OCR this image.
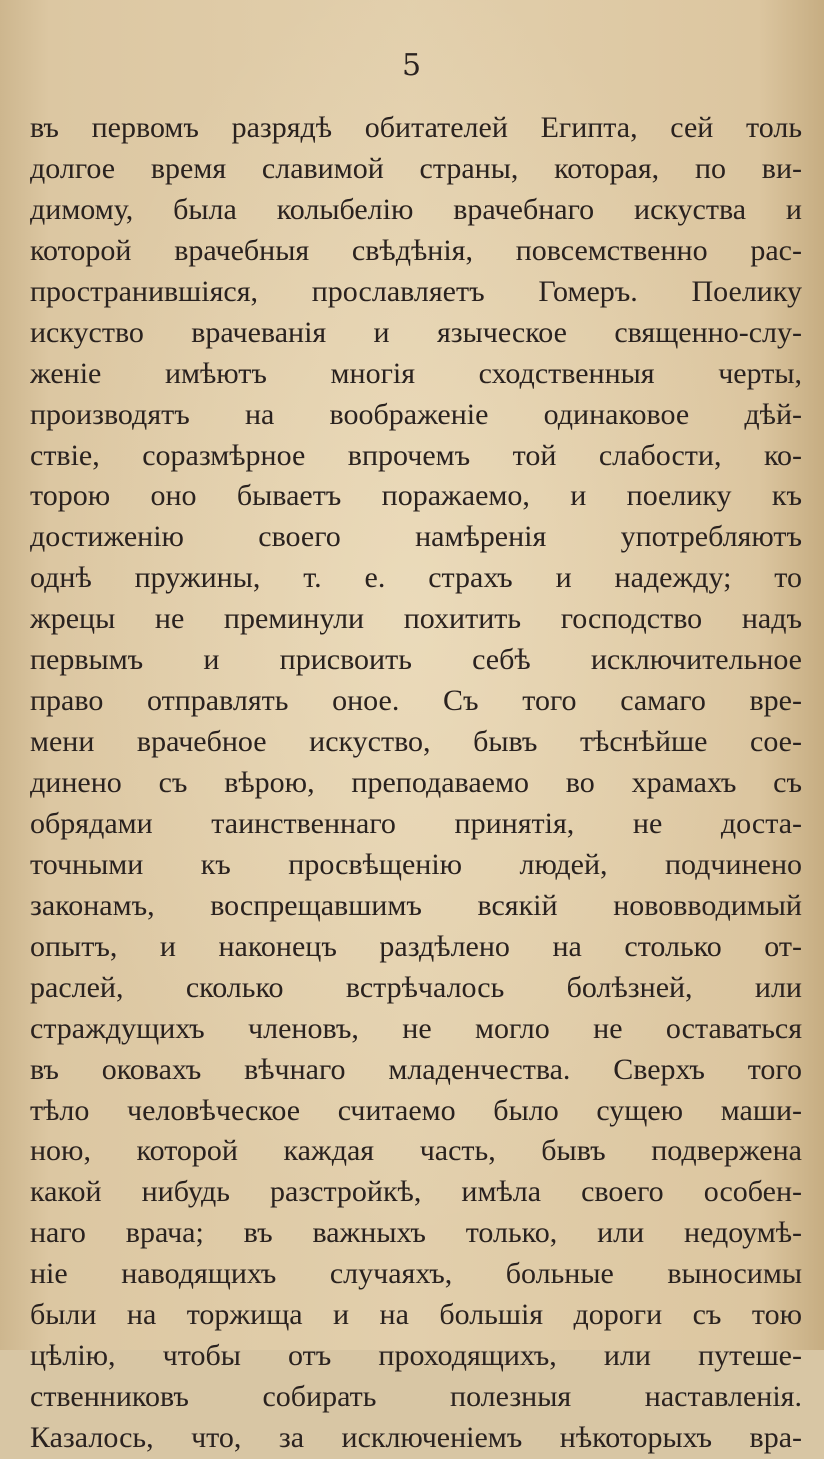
5
въ первомъ разрядѣ обитателей Египта, сей толь
долгое время славимой страны, которая, по ви-
димому, была колыбелію врачебнаго искуства и
которой врачебныя свѣдѣнія, повсемственно рас-
пространившіяся, прославляетъ Гомеръ. Поелику
искуство врачеванія и языческое священно-слу-
женіе имѣютъ многія сходственныя черты,
производятъ на воображеніе одинаковое дѣй-
ствіе, соразмѣрное впрочемъ той слабости, ко-
торою оно бываетъ поражаемо, и поелику къ
достиженію своего намѣренія употребляютъ
однѣ пружины, т. е. страхъ и надежду; то
жрецы не преминули похитить господство надъ
первымъ и присвоить себѣ исключительное
право отправлять оное. Съ того самаго вре-
мени врачебное искуство, бывъ тѣснѣйше сое-
динено съ вѣрою, преподаваемо во храмахъ съ
обрядами таинственнаго принятія, не доста-
точными къ просвѣщенію людей, подчинено
законамъ, воспрещавшимъ всякій нововводимый
опытъ, и наконецъ раздѣлено на столько от-
раслей, сколько встрѣчалось болѣзней, или
страждущихъ членовъ, не могло не оставаться
въ оковахъ вѣчнаго младенчества. Сверхъ того
тѣло человѣческое считаемо было сущею маши-
ною, которой каждая часть, бывъ подвержена
какой нибудь разстройкѣ, имѣла своего особен-
наго врача; въ важныхъ только, или недоумѣ-
ніе наводящихъ случаяхъ, больные выносимы
были на торжища и на большія дороги съ тою
цѣлію, чтобы отъ проходящихъ, или путеше-
ственниковъ собирать полезныя наставленія.
Казалось, что, за исключеніемъ нѣкоторыхъ вра-
